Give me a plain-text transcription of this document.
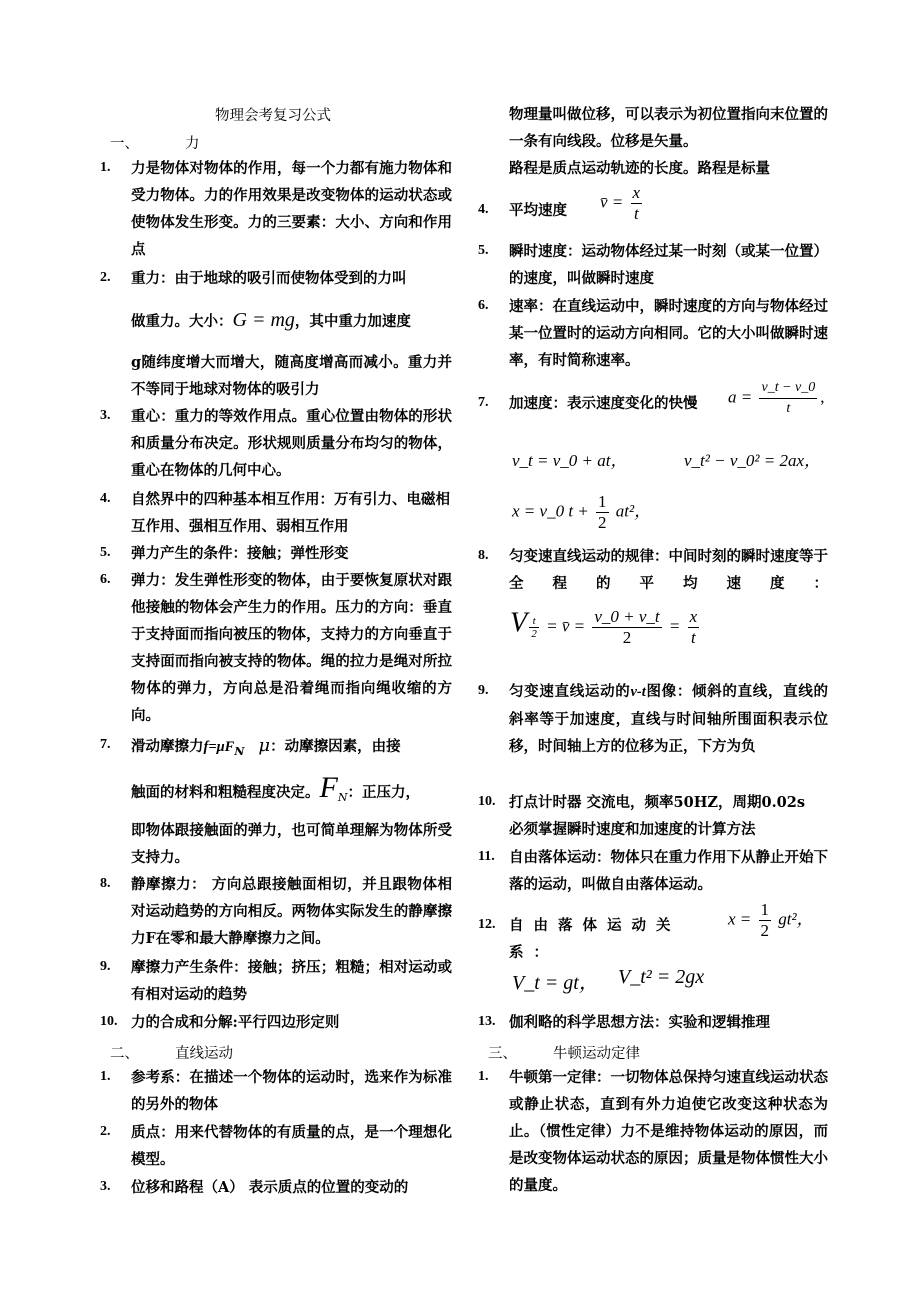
物理会考复习公式
一、	力
1. 力是物体对物体的作用，每一个力都有施力物体和受力物体。力的作用效果是改变物体的运动状态或使物体发生形变。力的三要素：大小、方向和作用点
2. 重力：由于地球的吸引而使物体受到的力叫
做重力。大小：G = mg，其中重力加速度
g随纬度增大而增大，随高度增高而减小。重力并不等同于地球对物体的吸引力
3. 重心：重力的等效作用点。重心位置由物体的形状和质量分布决定。形状规则质量分布均匀的物体，重心在物体的几何中心。
4. 自然界中的四种基本相互作用：万有引力、电磁相互作用、强相互作用、弱相互作用
5. 弹力产生的条件：接触；弹性形变
6. 弹力：发生弹性形变的物体，由于要恢复原状对跟他接触的物体会产生力的作用。压力的方向：垂直于支持面而指向被压的物体，支持力的方向垂直于支持面而指向被支持的物体。绳的拉力是绳对所拉物体的弹力，方向总是沿着绳而指向绳收缩的方向。
7. 滑动摩擦力$f=\mu F_N$ μ：动摩擦因素，由接
触面的材料和粗糙程度决定。$F_N$：正压力，
即物体跟接触面的弹力，也可简单理解为物体所受支持力。
8. 静摩擦力： 方向总跟接触面相切，并且跟物体相对运动趋势的方向相反。两物体实际发生的静摩擦力F在零和最大静摩擦力之间。
9. 摩擦力产生条件：接触；挤压；粗糙；相对运动或有相对运动的趋势
10. 力的合成和分解:平行四边形定则
二、 直线运动
1. 参考系：在描述一个物体的运动时，选来作为标准的另外的物体
2. 质点：用来代替物体的有质量的点，是一个理想化模型。
3. 位移和路程（A） 表示质点的位置的变动的
物理量叫做位移，可以表示为初位置指向末位置的一条有向线段。位移是矢量。
路程是质点运动轨迹的长度。路程是标量
4. 平均速度	v̄ = $\frac{x}{t}$
5. 瞬时速度：运动物体经过某一时刻（或某一位置）的速度，叫做瞬时速度
6. 速率：在直线运动中，瞬时速度的方向与物体经过某一位置时的运动方向相同。它的大小叫做瞬时速率，有时简称速率。
7. 加速度：表示速度变化的快慢	$a = \frac{v\_t - v\_0}{t}$ ,
v_t = v_0 + at，	v_t² − v_0² = 2ax，
x = v_0 $t + \frac{1}{2} at^2$，
8. 匀变速直线运动的规律：中间时刻的瞬时速度等于全程的平均速度：
V $\frac{t}{2}$ = v̄ = $\frac{v\_0 + v\_t}{2} = \frac{x}{t}$
9. 匀变速直线运动的v-t图像：倾斜的直线，直线的斜率等于加速度，直线与时间轴所围面积表示位移，时间轴上方的位移为正，下方为负
10. 打点计时器 交流电，频率50HZ，周期0.02s
必须掌握瞬时速度和加速度的计算方法
11. 自由落体运动：物体只在重力作用下从静止开始下落的运动，叫做自由落体运动。
12. 自由落体运动关系：
$x = \frac{1}{2} gt^2$，
V_t = gt， V_t² = 2gx
13. 伽利略的科学思想方法：实验和逻辑推理
三、 牛顿运动定律
1. 牛顿第一定律：一切物体总保持匀速直线运动状态或静止状态，直到有外力迫使它改变这种状态为止。（惯性定律）力不是维持物体运动的原因，而是改变物体运动状态的原因；质量是物体惯性大小的量度。
